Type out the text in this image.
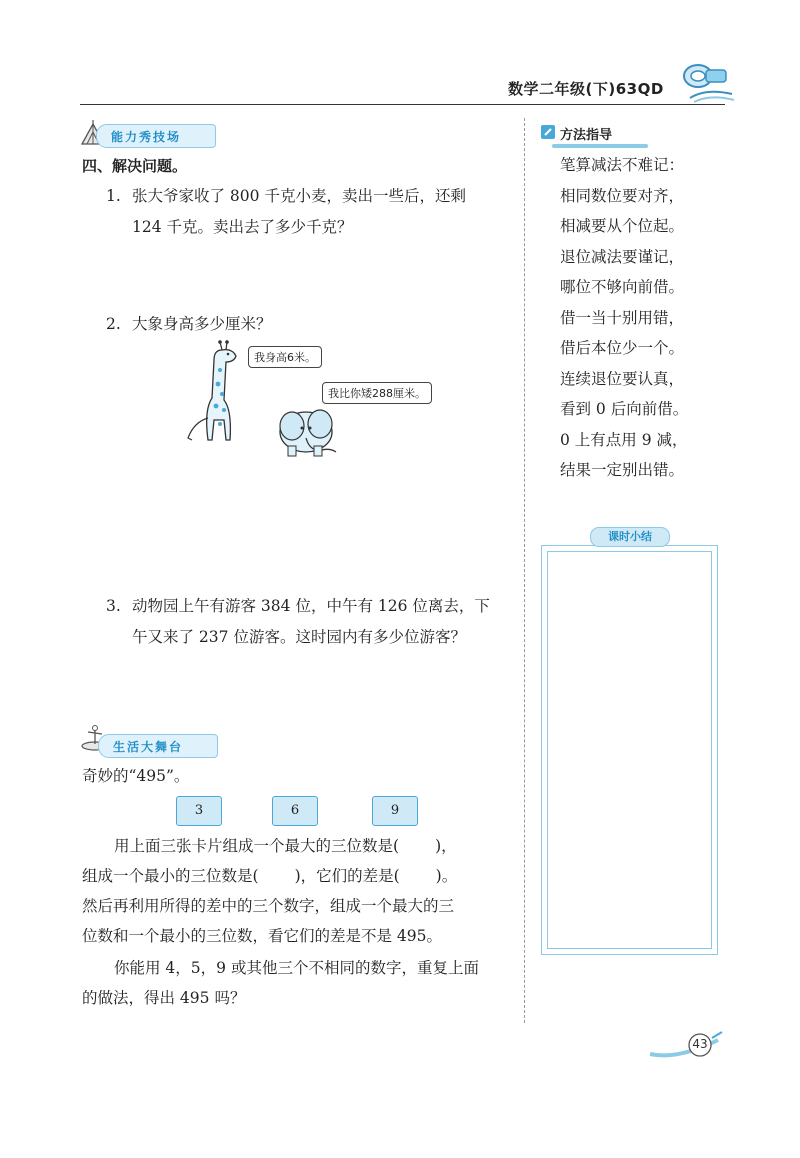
数学二年级(下)63QD
能力秀技场
四、解决问题。
1. 张大爷家收了 800 千克小麦，卖出一些后，还剩
124 千克。卖出去了多少千克？
2. 大象身高多少厘米？
我身高6米。
我比你矮288厘米。
3. 动物园上午有游客 384 位，中午有 126 位离去，下
午又来了 237 位游客。这时园内有多少位游客？
生活大舞台
奇妙的“495”。
3	6	9
用上面三张卡片组成一个最大的三位数是( )，
组成一个最小的三位数是( )，它们的差是( )。
然后再利用所得的差中的三个数字，组成一个最大的三
位数和一个最小的三位数，看它们的差是不是 495。
你能用 4，5，9 或其他三个不相同的数字，重复上面
的做法，得出 495 吗？
方法指导

笔算减法不难记：

相同数位要对齐，

相减要从个位起。

退位减法要谨记，

哪位不够向前借。

借一当十别用错，

借后本位少一个。

连续退位要认真，

看到 0 后向前借。

0 上有点用 9 减，

结果一定别出错。

课时小结
43
